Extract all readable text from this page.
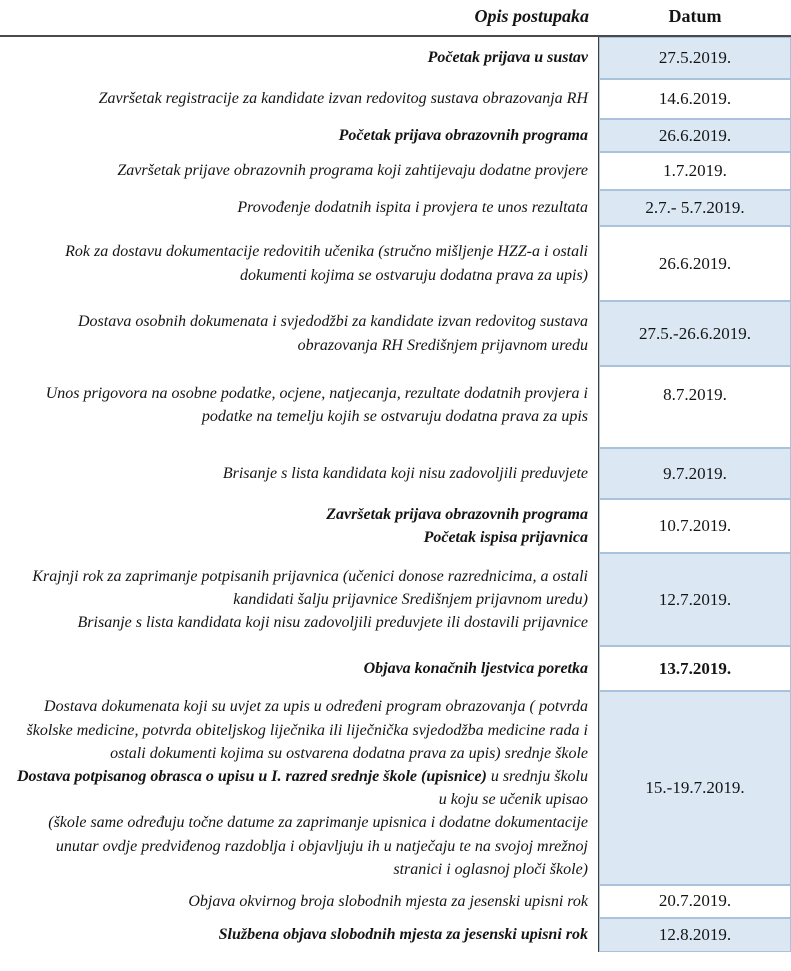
Opis postupaka	Datum

Početak prijava u sustav	27.5.2019.

Završetak registracije za kandidate izvan redovitog sustava obrazovanja RH	14.6.2019.

Početak prijava obrazovnih programa	26.6.2019.

Završetak prijave obrazovnih programa koji zahtijevaju dodatne provjere	1.7.2019.

Provođenje dodatnih ispita i provjera te unos rezultata	2.7.- 5.7.2019.

Rok za dostavu dokumentacije redovitih učenika (stručno mišljenje HZZ-a i ostali dokumenti kojima se ostvaruju dodatna prava za upis)	26.6.2019.

Dostava osobnih dokumenata i svjedodžbi za kandidate izvan redovitog sustava obrazovanja RH Središnjem prijavnom uredu	27.5.-26.6.2019.

Unos prigovora na osobne podatke, ocjene, natjecanja, rezultate dodatnih provjera i podatke na temelju kojih se ostvaruju dodatna prava za upis	8.7.2019.

Brisanje s lista kandidata koji nisu zadovoljili preduvjete	9.7.2019.

Završetak prijava obrazovnih programa
Početak ispisa prijavnica	10.7.2019.

Krajnji rok za zaprimanje potpisanih prijavnica (učenici donose razrednicima, a ostali kandidati šalju prijavnice Središnjem prijavnom uredu)
Brisanje s lista kandidata koji nisu zadovoljili preduvjete ili dostavili prijavnice	12.7.2019.

Objava konačnih ljestvica poretka	13.7.2019.

Dostava dokumenata koji su uvjet za upis u određeni program obrazovanja ( potvrda školske medicine, potvrda obiteljskog liječnika ili liječnička svjedodžba medicine rada i ostali dokumenti kojima su ostvarena dodatna prava za upis) srednje škole
Dostava potpisanog obrasca o upisu u I. razred srednje škole (upisnice) u srednju školu u koju se učenik upisao
(škole same određuju točne datume za zaprimanje upisnica i dodatne dokumentacije unutar ovdje predviđenog razdoblja i objavljuju ih u natječaju te na svojoj mrežnoj stranici i oglasnoj ploči škole)	15.-19.7.2019.

Objava okvirnog broja slobodnih mjesta za jesenski upisni rok	20.7.2019.

Službena objava slobodnih mjesta za jesenski upisni rok	12.8.2019.
